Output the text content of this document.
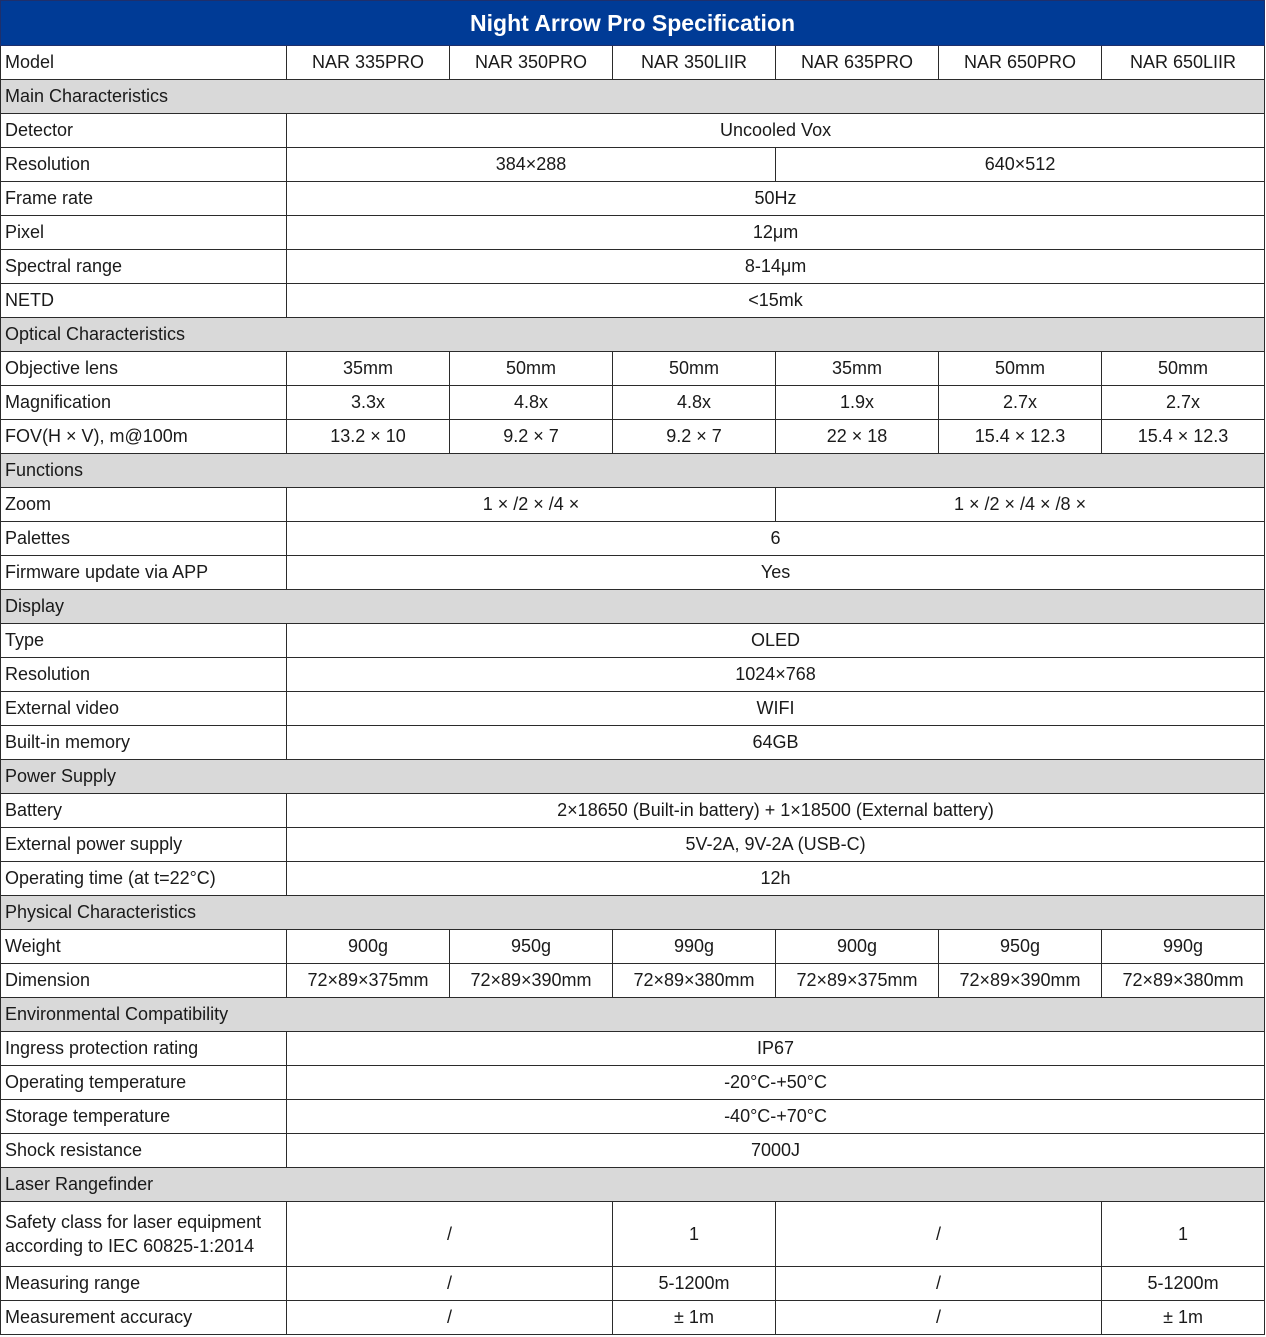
Night Arrow Pro Specification						
Model	NAR 335PRO	NAR 350PRO	NAR 350LIIR	NAR 635PRO	NAR 650PRO	NAR 650LIIR
Main Characteristics						
Detector	Uncooled Vox					
Resolution	384×288			640×512		
Frame rate	50Hz					
Pixel	12μm					
Spectral range	8-14μm					
NETD	<15mk					
Optical Characteristics						
Objective lens	35mm	50mm	50mm	35mm	50mm	50mm
Magnification	3.3x	4.8x	4.8x	1.9x	2.7x	2.7x
FOV(H × V), m@100m	13.2 × 10	9.2 × 7	9.2 × 7	22 × 18	15.4 × 12.3	15.4 × 12.3
Functions						
Zoom	1 × /2 × /4 ×			1 × /2 × /4 × /8 ×		
Palettes	6					
Firmware update via APP	Yes					
Display						
Type	OLED					
Resolution	1024×768					
External video	WIFI					
Built-in memory	64GB					
Power Supply						
Battery	2×18650 (Built-in battery) + 1×18500 (External battery)					
External power supply	5V-2A, 9V-2A (USB-C)					
Operating time (at t=22°C)	12h					
Physical Characteristics						
Weight	900g	950g	990g	900g	950g	990g
Dimension	72×89×375mm	72×89×390mm	72×89×380mm	72×89×375mm	72×89×390mm	72×89×380mm
Environmental Compatibility						
Ingress protection rating	IP67					
Operating temperature	-20°C-+50°C					
Storage temperature	-40°C-+70°C					
Shock resistance	7000J					
Laser Rangefinder						
Safety class for laser equipment
according to IEC 60825-1:2014	/		1	/		1
Measuring range	/		5-1200m	/		5-1200m
Measurement accuracy	/		± 1m	/		± 1m
